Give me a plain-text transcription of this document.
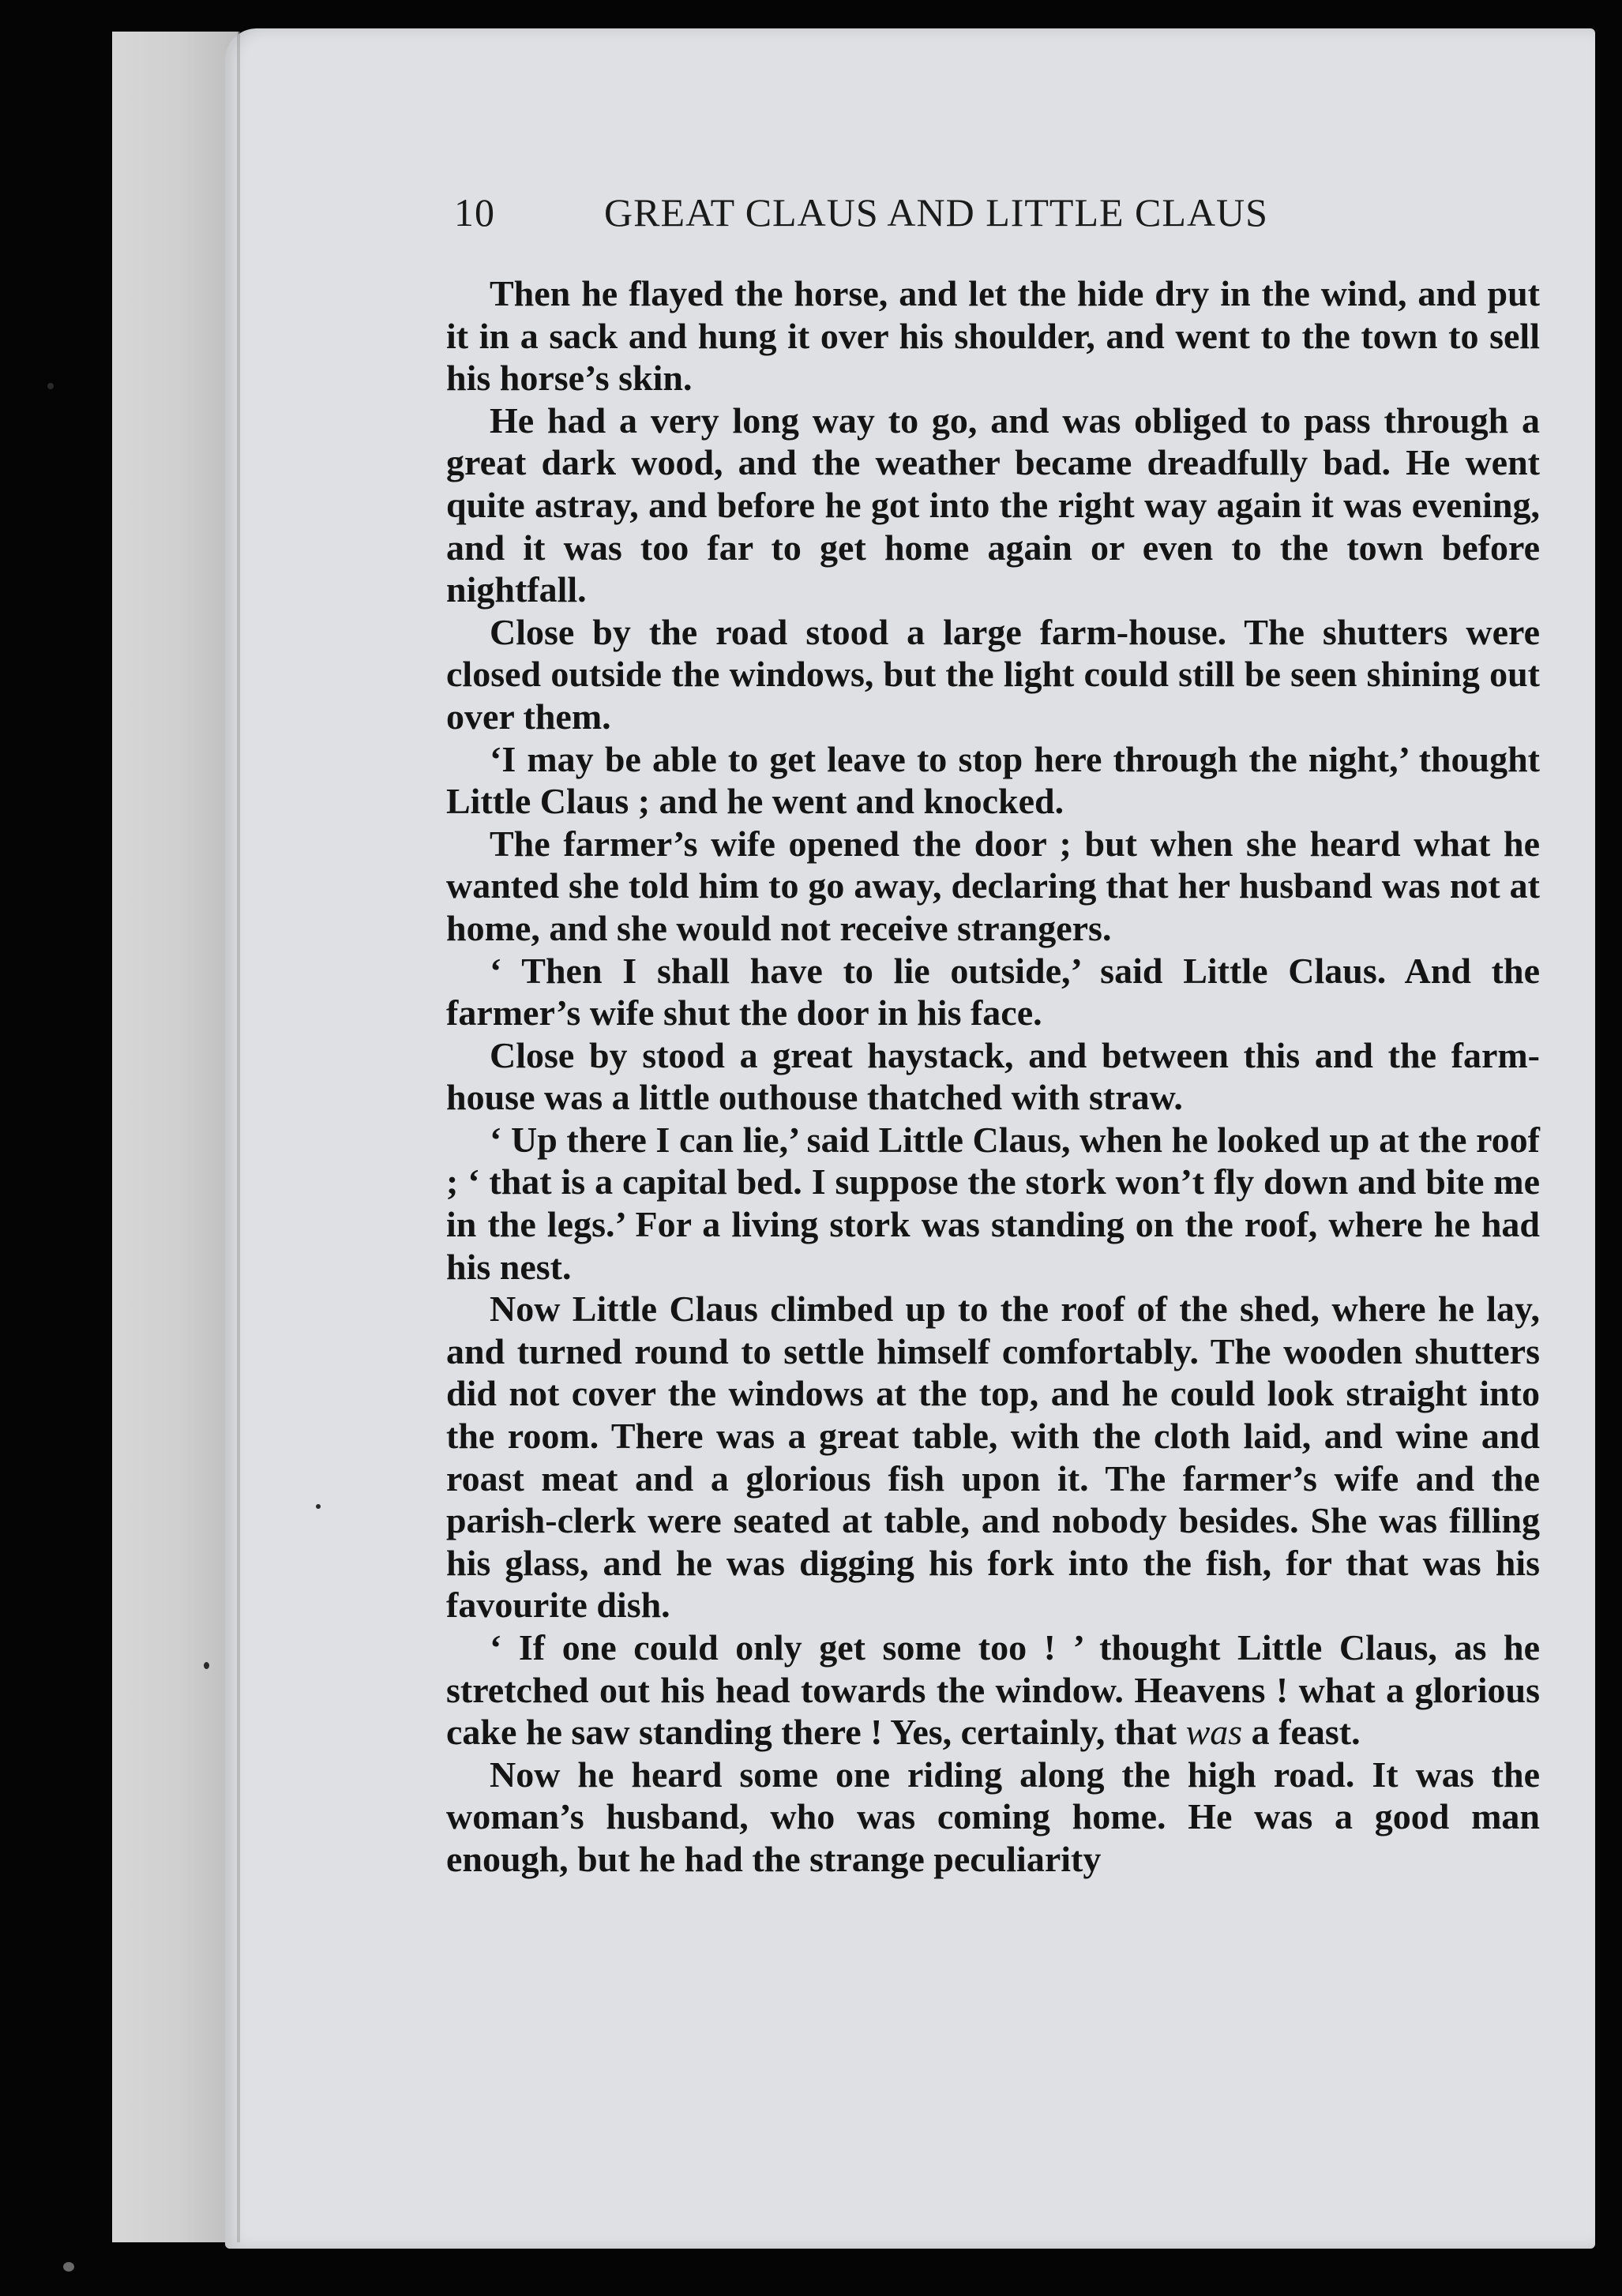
10	GREAT CLAUS AND LITTLE CLAUS

Then he flayed the horse, and let the hide dry in the wind, and put it in a sack and hung it over his shoulder, and went to the town to sell his horse’s skin.

He had a very long way to go, and was obliged to pass through a great dark wood, and the weather became dreadfully bad. He went quite astray, and before he got into the right way again it was evening, and it was too far to get home again or even to the town before nightfall.

Close by the road stood a large farm-house. The shutters were closed outside the windows, but the light could still be seen shining out over them.

‘I may be able to get leave to stop here through the night,’ thought Little Claus ; and he went and knocked.

The farmer’s wife opened the door ; but when she heard what he wanted she told him to go away, declaring that her husband was not at home, and she would not receive strangers.

‘ Then I shall have to lie outside,’ said Little Claus. And the farmer’s wife shut the door in his face.

Close by stood a great haystack, and between this and the farm-house was a little outhouse thatched with straw.

‘ Up there I can lie,’ said Little Claus, when he looked up at the roof ; ‘ that is a capital bed. I suppose the stork won’t fly down and bite me in the legs.’ For a living stork was standing on the roof, where he had his nest.

Now Little Claus climbed up to the roof of the shed, where he lay, and turned round to settle himself comfortably. The wooden shutters did not cover the windows at the top, and he could look straight into the room. There was a great table, with the cloth laid, and wine and roast meat and a glorious fish upon it. The farmer’s wife and the parish-clerk were seated at table, and nobody besides. She was filling his glass, and he was digging his fork into the fish, for that was his favourite dish.

‘ If one could only get some too ! ’ thought Little Claus, as he stretched out his head towards the window. Heavens ! what a glorious cake he saw standing there ! Yes, certainly, that was a feast.

Now he heard some one riding along the high road. It was the woman’s husband, who was coming home. He was a good man enough, but he had the strange peculiarity
